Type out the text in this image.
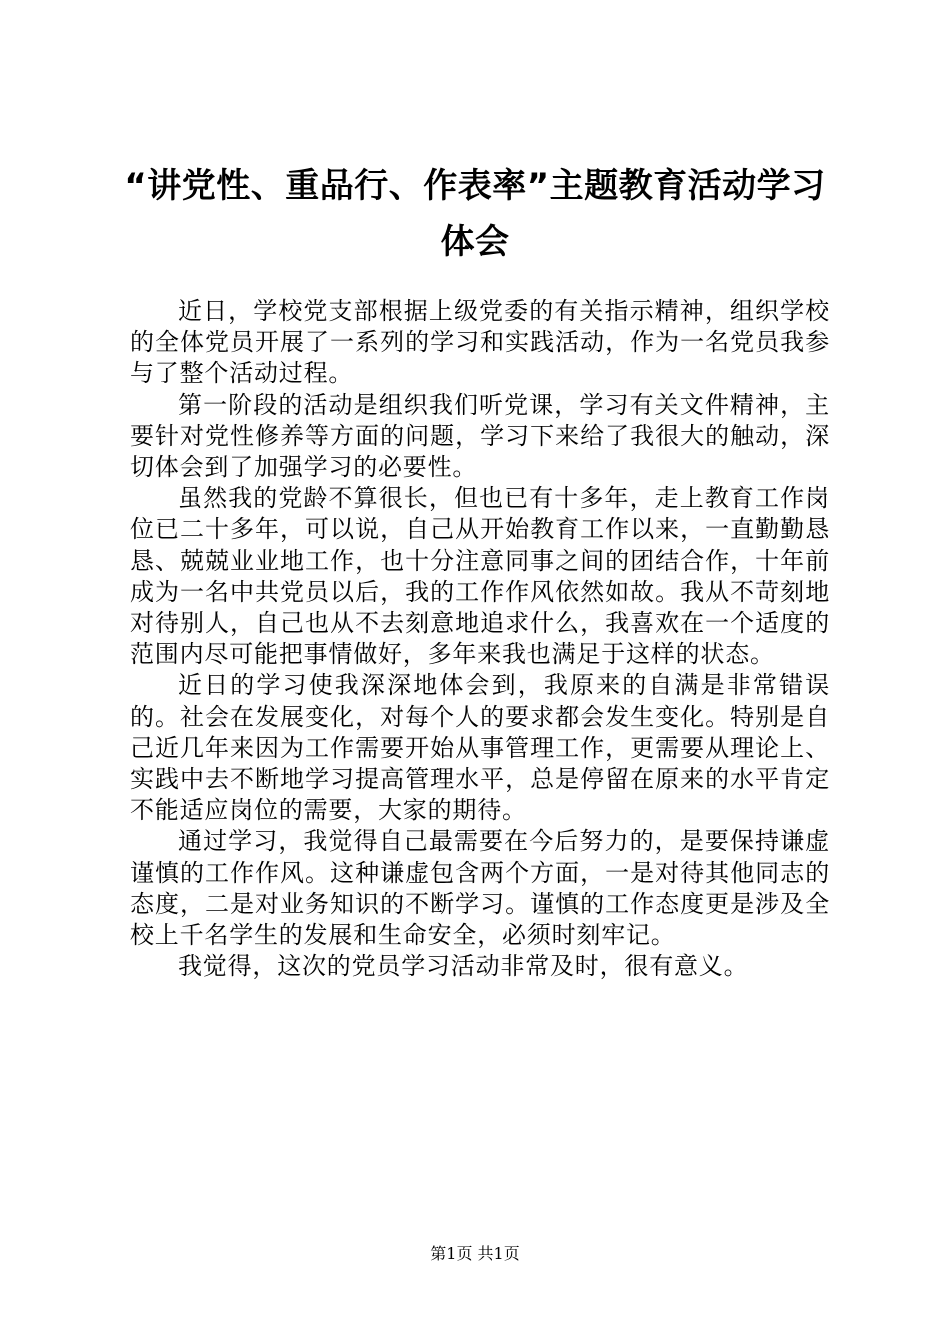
“讲党性、重品行、作表率”主题教育活动学习体会

近日，学校党支部根据上级党委的有关指示精神，组织学校的全体党员开展了一系列的学习和实践活动，作为一名党员我参与了整个活动过程。

第一阶段的活动是组织我们听党课，学习有关文件精神，主要针对党性修养等方面的问题，学习下来给了我很大的触动，深切体会到了加强学习的必要性。

虽然我的党龄不算很长，但也已有十多年，走上教育工作岗位已二十多年，可以说，自己从开始教育工作以来，一直勤勤恳恳、兢兢业业地工作，也十分注意同事之间的团结合作，十年前成为一名中共党员以后，我的工作作风依然如故。我从不苛刻地对待别人，自己也从不去刻意地追求什么，我喜欢在一个适度的范围内尽可能把事情做好，多年来我也满足于这样的状态。

近日的学习使我深深地体会到，我原来的自满是非常错误的。社会在发展变化，对每个人的要求都会发生变化。特别是自己近几年来因为工作需要开始从事管理工作，更需要从理论上、实践中去不断地学习提高管理水平，总是停留在原来的水平肯定不能适应岗位的需要，大家的期待。

通过学习，我觉得自己最需要在今后努力的，是要保持谦虚谨慎的工作作风。这种谦虚包含两个方面，一是对待其他同志的态度，二是对业务知识的不断学习。谨慎的工作态度更是涉及全校上千名学生的发展和生命安全，必须时刻牢记。

我觉得，这次的党员学习活动非常及时，很有意义。

第1页 共1页
